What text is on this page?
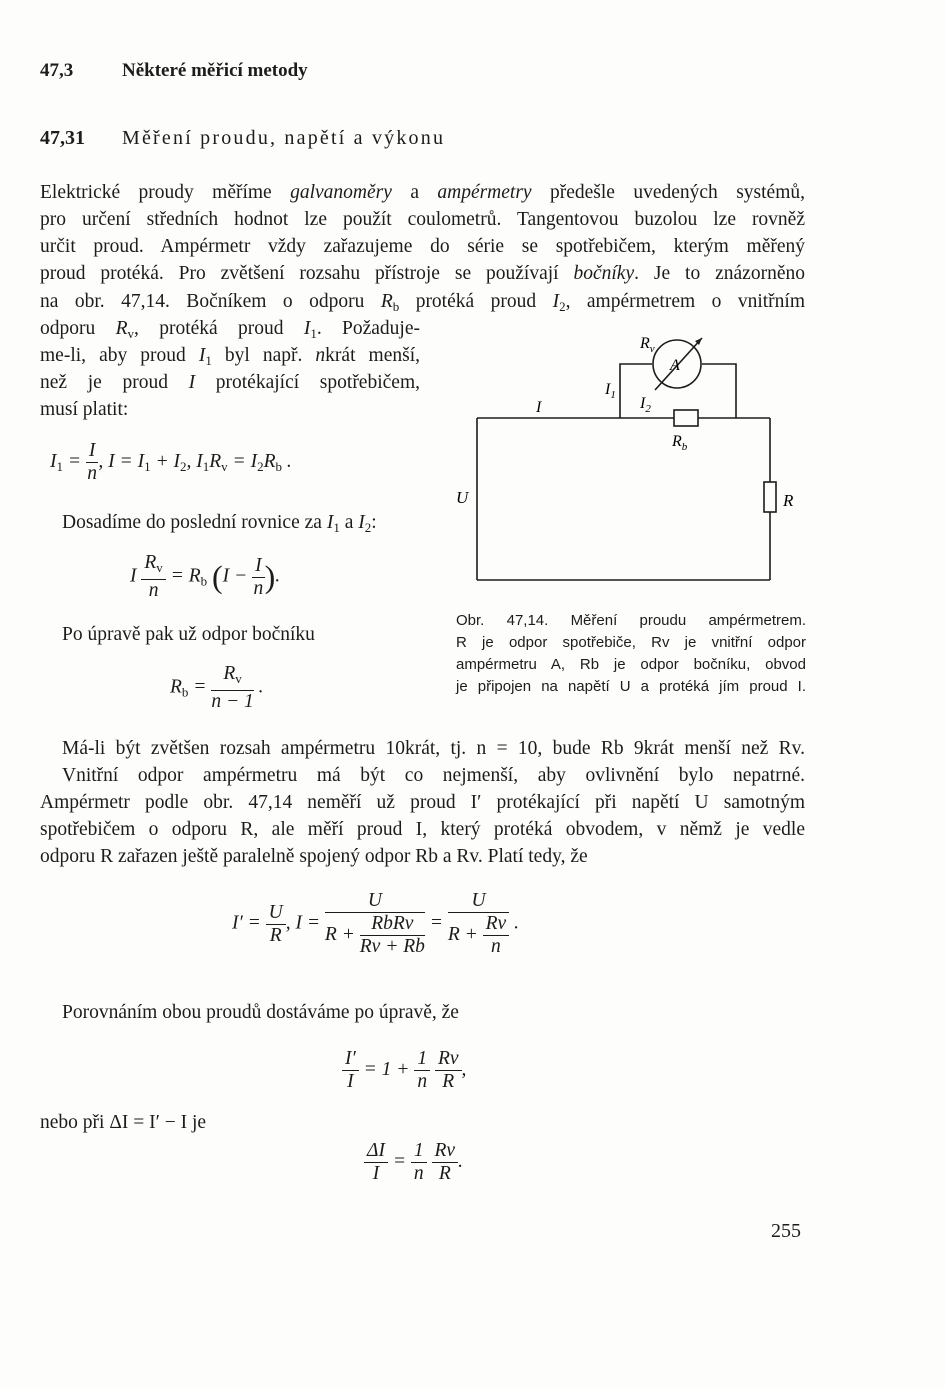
47,3	Některé měřicí metody
47,31 Měření proudu, napětí a výkonu
Elektrické proudy měříme galvanoměry a ampérmetry předešle uvedených systémů,
pro určení středních hodnot lze použít coulometrů. Tangentovou buzolou lze rovněž
určit proud. Ampérmetr vždy zařazujeme do série se spotřebičem, kterým měřený
proud protéká. Pro zvětšení rozsahu přístroje se používají bočníky. Je to znázorněno
na obr. 47,14. Bočníkem o odporu $R_b$ protéká proud $I_2$, ampérmetrem o vnitřním
odporu $R_v$, protéká proud $I_1$. Požaduje-
me-li, aby proud $I_1$ byl např. nkrát menší,
než je proud I protékající spotřebičem,
musí platit:
$I_1 = \frac{I}{n}$ , $I = I_1 + I_2$, $I_1R_v = I_2R_b$ .
Dosadíme do poslední rovnice za $I_1$ a $I_2$:
I $\frac{R_v}{n} = R_b$ ($I - \frac{I}{n}$ ).
Po úpravě pak už odpor bočníku
$R_b = \frac{R_v}{n - 1}$ .
$R_v$
A
I
$I_1$ $I_2$
$R_b$
U	R
Obr. 47,14. Měření proudu ampérmetrem.
R je odpor spotřebiče, Rv je vnitřní odpor
ampérmetru A, Rb je odpor bočníku, obvod
je připojen na napětí U a protéká jím proud I.
Má-li být zvětšen rozsah ampérmetru 10krát, tj. n = 10, bude Rb 9krát menší než Rv.
Vnitřní odpor ampérmetru má být co nejmenší, aby ovlivnění bylo nepatrné.
Ampérmetr podle obr. 47,14 neměří už proud I′ protékající při napětí U samotným
spotřebičem o odporu R, ale měří proud I, který protéká obvodem, v němž je vedle
odporu R zařazen ještě paralelně spojený odpor Rb a Rv. Platí tedy, že
$I' = \frac{U}{R}$ , $I = \frac{U}{R + \frac{\text{RbRv}}{Rv + Rb}} = \frac{U}{R + \frac{Rv}{n}}$ .
Porovnáním obou proudů dostáváme po úpravě, že
$\frac{I'}{I} = 1 + \frac{1}{n}$
$\frac{Rv}{R}$ ,
nebo při ΔI = I′ − I je
$\frac{\Delta I}{I} = \frac{1}{n}$
$\frac{Rv}{R}$ .
255
